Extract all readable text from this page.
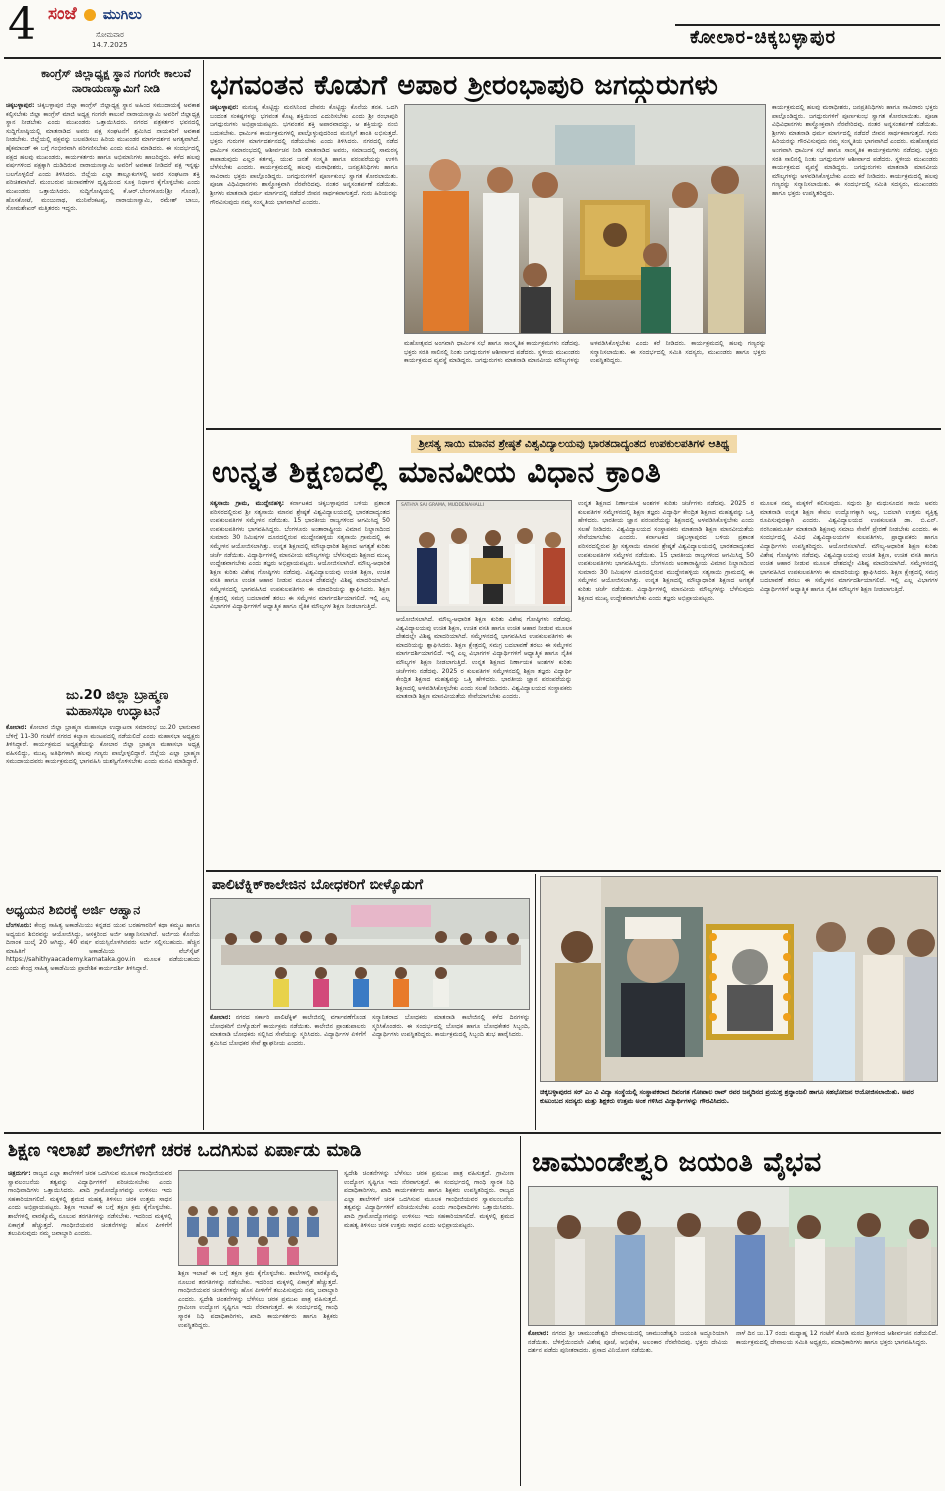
4 ಸಂಜೆ ಮುಗಿಲು
ಸೋಮವಾರ
14.7.2025	ಕೋಲಾರ-ಚಿಕ್ಕಬಳ್ಳಾಪುರ
ಕಾಂಗ್ರೆಸ್ ಜಿಲ್ಲಾಧ್ಯಕ್ಷ ಸ್ಥಾನ ಗಂಗರೇ ಕಾಲುವೆ ನಾರಾಯಣಸ್ವಾಮಿಗೆ ನೀಡಿ
ಚಿಕ್ಕಬಳ್ಳಾಪುರ: ಚಿಕ್ಕಬಳ್ಳಾಪುರ ಜಿಲ್ಲಾ ಕಾಂಗ್ರೆಸ್ ಜಿಲ್ಲಾಧ್ಯಕ್ಷ ಸ್ಥಾನ ಅಹಿಂದ ಸಮುದಾಯಕ್ಕೆ ಅವಕಾಶ ಕಲ್ಪಿಸಬೇಕು ಜಿಲ್ಲಾ ಕಾಂಗ್ರೆಸ್ ಮಾಜಿ ಅಧ್ಯಕ್ಷ ಗಂಗರೇ ಕಾಲುವೆ ನಾರಾಯಣಸ್ವಾಮಿ ಅವರಿಗೆ ಜಿಲ್ಲಾಧ್ಯಕ್ಷ ಸ್ಥಾನ ನೀಡಬೇಕು ಎಂದು ಮುಖಂಡರು ಒತ್ತಾಯಿಸಿದರು. ನಗರದ ಪತ್ರಕರ್ತರ ಭವನದಲ್ಲಿ ಸುದ್ದಿಗೋಷ್ಠಿಯಲ್ಲಿ ಮಾತನಾಡಿದ ಅವರು ಪಕ್ಷ ಸಂಘಟನೆಗೆ ಶ್ರಮಿಸಿದ ನಾಯಕರಿಗೆ ಅವಕಾಶ ನೀಡಬೇಕು. ಜಿಲ್ಲೆಯಲ್ಲಿ ಪಕ್ಷವನ್ನು ಬಲಪಡಿಸಲು ಹಿರಿಯ ಮುಖಂಡರ ಮಾರ್ಗದರ್ಶನ ಅಗತ್ಯವಾಗಿದೆ. ಹೈಕಮಾಂಡ್ ಈ ಬಗ್ಗೆ ಗಂಭೀರವಾಗಿ ಪರಿಗಣಿಸಬೇಕು ಎಂದು ಮನವಿ ಮಾಡಿದರು. ಈ ಸಂದರ್ಭದಲ್ಲಿ ಪಕ್ಷದ ಹಲವು ಮುಖಂಡರು, ಕಾರ್ಯಕರ್ತರು ಹಾಗೂ ಅಭಿಮಾನಿಗಳು ಹಾಜರಿದ್ದರು. ಕಳೆದ ಹಲವು ವರ್ಷಗಳಿಂದ ಪಕ್ಷಕ್ಕಾಗಿ ದುಡಿದಿರುವ ನಾರಾಯಣಸ್ವಾಮಿ ಅವರಿಗೆ ಅವಕಾಶ ನೀಡಿದರೆ ಪಕ್ಷ ಇನ್ನಷ್ಟು ಬಲಗೊಳ್ಳಲಿದೆ ಎಂದು ತಿಳಿಸಿದರು. ಜಿಲ್ಲೆಯ ಎಲ್ಲಾ ತಾಲ್ಲೂಕುಗಳಲ್ಲಿ ಅವರ ಸಂಘಟನಾ ಶಕ್ತಿ ಪರಿಚಿತವಾಗಿದೆ. ಮುಂಬರುವ ಚುನಾವಣೆಗಳ ದೃಷ್ಟಿಯಿಂದ ಸೂಕ್ತ ನಿರ್ಧಾರ ಕೈಗೊಳ್ಳಬೇಕು ಎಂದು ಮುಖಂಡರು ಒತ್ತಾಯಿಸಿದರು. ಸುದ್ದಿಗೋಷ್ಠಿಯಲ್ಲಿ ಕೆ.ಆರ್.ಬೇಂಗಳೂರು(ಶ್ರೀ ಗೊಂಡ), ಹೊಸಕೋಟೆ, ಮಂಜುನಾಥ, ಮುನಿವೆಂಕಟಪ್ಪ, ನಾರಾಯಣಸ್ವಾಮಿ, ರಮೇಶ್ ಬಾಬು, ಸೋಮಶೇಖರ್ ಮತ್ತಿತರರು ಇದ್ದರು.
ಜು.20 ಜಿಲ್ಲಾ ಬ್ರಾಹ್ಮಣ ಮಹಾಸಭಾ ಉದ್ಘಾಟನೆ
ಕೋಲಾರ: ಕೋಲಾರ ಜಿಲ್ಲಾ ಬ್ರಾಹ್ಮಣ ಮಹಾಸಭಾ ಉದ್ಘಾಟನಾ ಸಮಾರಂಭ ಜು.20 ಭಾನುವಾರ ಬೆಳಿಗ್ಗೆ 11-30 ಗಂಟೆಗೆ ನಗರದ ಕಲ್ಯಾಣ ಮಂಟಪದಲ್ಲಿ ನಡೆಯಲಿದೆ ಎಂದು ಮಹಾಸಭಾ ಅಧ್ಯಕ್ಷರು ತಿಳಿಸಿದ್ದಾರೆ. ಕಾರ್ಯಕ್ರಮದ ಅಧ್ಯಕ್ಷತೆಯನ್ನು ಕೋಲಾರ ಜಿಲ್ಲಾ ಬ್ರಾಹ್ಮಣ ಮಹಾಸಭಾ ಅಧ್ಯಕ್ಷ ವಹಿಸಲಿದ್ದು, ಮುಖ್ಯ ಅತಿಥಿಗಳಾಗಿ ಹಲವು ಗಣ್ಯರು ಪಾಲ್ಗೊಳ್ಳಲಿದ್ದಾರೆ. ಜಿಲ್ಲೆಯ ಎಲ್ಲಾ ಬ್ರಾಹ್ಮಣ ಸಮುದಾಯದವರು ಕಾರ್ಯಕ್ರಮದಲ್ಲಿ ಭಾಗವಹಿಸಿ ಯಶಸ್ವಿಗೊಳಿಸಬೇಕು ಎಂದು ಮನವಿ ಮಾಡಿದ್ದಾರೆ.
ಅಧ್ಯಯನ ಶಿಬಿರಕ್ಕೆ ಅರ್ಜಿ ಆಹ್ವಾನ
ಬೆಂಗಳೂರು: ಕೇಂದ್ರ ಸಾಹಿತ್ಯ ಅಕಾಡೆಮಿಯು ಕನ್ನಡದ ಯುವ ಬರಹಗಾರರಿಗೆ ಕಥಾ ಕಮ್ಮಟ ಹಾಗೂ ಅಧ್ಯಯನ ಶಿಬಿರವನ್ನು ಆಯೋಜಿಸಿದ್ದು, ಆಸಕ್ತರಿಂದ ಅರ್ಜಿ ಆಹ್ವಾನಿಸಲಾಗಿದೆ. ಅರ್ಜಿಯ ಕೊನೆಯ ದಿನಾಂಕ ಜುಲೈ 20 ಆಗಿದ್ದು, 40 ವರ್ಷ ವಯಸ್ಸಿನೊಳಗಿನವರು ಅರ್ಜಿ ಸಲ್ಲಿಸಬಹುದು. ಹೆಚ್ಚಿನ ಮಾಹಿತಿಗೆ ಅಕಾಡೆಮಿಯ ವೆಬ್‌ಸೈಟ್ https://sahithyaacademy.karnataka.gov.in ಮೂಲಕ ಪಡೆಯಬಹುದು ಎಂದು ಕೇಂದ್ರ ಸಾಹಿತ್ಯ ಅಕಾಡೆಮಿಯ ಪ್ರಾದೇಶಿಕ ಕಾರ್ಯದರ್ಶಿ ತಿಳಿಸಿದ್ದಾರೆ.
ಭಗವಂತನ ಕೊಡುಗೆ ಅಪಾರ ಶ್ರೀರಂಭಾಪುರಿ ಜಗದ್ಗುರುಗಳು
ಚಿಕ್ಕಬಳ್ಳಾಪುರ: ಮನುಷ್ಯ ಕೊಟ್ಟಿದ್ದು ಮನಸಿನಿಂದ ದೇವರು ಕೊಟ್ಟಿದ್ದು ಕೊನೆಯ ತನಕ. ಒದಗಿ ಬಂದಂತ ಸಂಕಷ್ಟಗಳನ್ನು ಭಗವಂತ ಕೊಟ್ಟ ಶಕ್ತಿಯಿಂದ ಎದುರಿಸಬೇಕು ಎಂದು ಶ್ರೀ ರಂಭಾಪುರಿ ಜಗದ್ಗುರುಗಳು ಅಭಿಪ್ರಾಯಪಟ್ಟರು. ಭಗವಂತನ ಶಕ್ತಿ ಅಪಾರವಾದದ್ದು, ಆ ಶಕ್ತಿಯನ್ನು ನಂಬಿ ಬದುಕಬೇಕು. ಧಾರ್ಮಿಕ ಕಾರ್ಯಕ್ರಮಗಳಲ್ಲಿ ಪಾಲ್ಗೊಳ್ಳುವುದರಿಂದ ಮನಸ್ಸಿಗೆ ಶಾಂತಿ ಲಭಿಸುತ್ತದೆ. ಭಕ್ತರು ಗುರುಗಳ ಮಾರ್ಗದರ್ಶನದಲ್ಲಿ ನಡೆಯಬೇಕು ಎಂದು ತಿಳಿಸಿದರು. ನಗರದಲ್ಲಿ ನಡೆದ ಧಾರ್ಮಿಕ ಸಮಾರಂಭದಲ್ಲಿ ಆಶೀರ್ವಚನ ನೀಡಿ ಮಾತನಾಡಿದ ಅವರು, ಸಮಾಜದಲ್ಲಿ ಸಾಮರಸ್ಯ ಕಾಪಾಡುವುದು ಎಲ್ಲರ ಕರ್ತವ್ಯ. ಯುವ ಜನತೆ ಸಂಸ್ಕೃತಿ ಹಾಗೂ ಪರಂಪರೆಯನ್ನು ಉಳಿಸಿ ಬೆಳೆಸಬೇಕು ಎಂದರು. ಕಾರ್ಯಕ್ರಮದಲ್ಲಿ ಹಲವು ಮಠಾಧೀಶರು, ಜನಪ್ರತಿನಿಧಿಗಳು ಹಾಗೂ ಸಾವಿರಾರು ಭಕ್ತರು ಪಾಲ್ಗೊಂಡಿದ್ದರು. ಜಗದ್ಗುರುಗಳಿಗೆ ಪೂರ್ಣಕುಂಭ ಸ್ವಾಗತ ಕೋರಲಾಯಿತು. ಪೂಜಾ ವಿಧಿವಿಧಾನಗಳು ಶಾಸ್ತ್ರೋಕ್ತವಾಗಿ ನೆರವೇರಿದವು. ನಂತರ ಅನ್ನಸಂತರ್ಪಣೆ ನಡೆಯಿತು. ಶ್ರೀಗಳು ಮಾತನಾಡಿ ಧರ್ಮ ಮಾರ್ಗದಲ್ಲಿ ನಡೆದರೆ ಜೀವನ ಸಾರ್ಥಕವಾಗುತ್ತದೆ. ಗುರು ಹಿರಿಯರನ್ನು ಗೌರವಿಸುವುದು ನಮ್ಮ ಸಂಸ್ಕೃತಿಯ ಭಾಗವಾಗಿದೆ ಎಂದರು.
ಮಹೋತ್ಸವದ ಅಂಗವಾಗಿ ಧಾರ್ಮಿಕ ಸಭೆ ಹಾಗೂ ಸಾಂಸ್ಕೃತಿಕ ಕಾರ್ಯಕ್ರಮಗಳು ನಡೆದವು. ಭಕ್ತರು ಸರತಿ ಸಾಲಿನಲ್ಲಿ ನಿಂತು ಜಗದ್ಗುರುಗಳ ಆಶೀರ್ವಾದ ಪಡೆದರು. ಸ್ಥಳೀಯ ಮುಖಂಡರು ಕಾರ್ಯಕ್ರಮದ ವ್ಯವಸ್ಥೆ ಮಾಡಿದ್ದರು. ಜಗದ್ಗುರುಗಳು ಮಾತನಾಡಿ ಮಾನವೀಯ ಮೌಲ್ಯಗಳನ್ನು ಅಳವಡಿಸಿಕೊಳ್ಳಬೇಕು ಎಂದು ಕರೆ ನೀಡಿದರು. ಕಾರ್ಯಕ್ರಮದಲ್ಲಿ ಹಲವು ಗಣ್ಯರನ್ನು ಸನ್ಮಾನಿಸಲಾಯಿತು. ಈ ಸಂದರ್ಭದಲ್ಲಿ ಸಮಿತಿ ಸದಸ್ಯರು, ಮುಖಂಡರು ಹಾಗೂ ಭಕ್ತರು ಉಪಸ್ಥಿತರಿದ್ದರು.
ಕಾರ್ಯಕ್ರಮದಲ್ಲಿ ಹಲವು ಮಠಾಧೀಶರು, ಜನಪ್ರತಿನಿಧಿಗಳು ಹಾಗೂ ಸಾವಿರಾರು ಭಕ್ತರು ಪಾಲ್ಗೊಂಡಿದ್ದರು. ಜಗದ್ಗುರುಗಳಿಗೆ ಪೂರ್ಣಕುಂಭ ಸ್ವಾಗತ ಕೋರಲಾಯಿತು. ಪೂಜಾ ವಿಧಿವಿಧಾನಗಳು ಶಾಸ್ತ್ರೋಕ್ತವಾಗಿ ನೆರವೇರಿದವು. ನಂತರ ಅನ್ನಸಂತರ್ಪಣೆ ನಡೆಯಿತು. ಶ್ರೀಗಳು ಮಾತನಾಡಿ ಧರ್ಮ ಮಾರ್ಗದಲ್ಲಿ ನಡೆದರೆ ಜೀವನ ಸಾರ್ಥಕವಾಗುತ್ತದೆ. ಗುರು ಹಿರಿಯರನ್ನು ಗೌರವಿಸುವುದು ನಮ್ಮ ಸಂಸ್ಕೃತಿಯ ಭಾಗವಾಗಿದೆ ಎಂದರು. ಮಹೋತ್ಸವದ ಅಂಗವಾಗಿ ಧಾರ್ಮಿಕ ಸಭೆ ಹಾಗೂ ಸಾಂಸ್ಕೃತಿಕ ಕಾರ್ಯಕ್ರಮಗಳು ನಡೆದವು. ಭಕ್ತರು ಸರತಿ ಸಾಲಿನಲ್ಲಿ ನಿಂತು ಜಗದ್ಗುರುಗಳ ಆಶೀರ್ವಾದ ಪಡೆದರು. ಸ್ಥಳೀಯ ಮುಖಂಡರು ಕಾರ್ಯಕ್ರಮದ ವ್ಯವಸ್ಥೆ ಮಾಡಿದ್ದರು. ಜಗದ್ಗುರುಗಳು ಮಾತನಾಡಿ ಮಾನವೀಯ ಮೌಲ್ಯಗಳನ್ನು ಅಳವಡಿಸಿಕೊಳ್ಳಬೇಕು ಎಂದು ಕರೆ ನೀಡಿದರು. ಕಾರ್ಯಕ್ರಮದಲ್ಲಿ ಹಲವು ಗಣ್ಯರನ್ನು ಸನ್ಮಾನಿಸಲಾಯಿತು. ಈ ಸಂದರ್ಭದಲ್ಲಿ ಸಮಿತಿ ಸದಸ್ಯರು, ಮುಖಂಡರು ಹಾಗೂ ಭಕ್ತರು ಉಪಸ್ಥಿತರಿದ್ದರು.
ಶ್ರೀಸತ್ಯ ಸಾಯಿ ಮಾನವ ಶ್ರೇಷ್ಠತೆ ವಿಶ್ವವಿದ್ಯಾಲಯವು ಭಾರತದಾದ್ಯಂತದ ಉಪಕುಲಪತಿಗಳ ಆತಿಥ್ಯ
ಉನ್ನತ ಶಿಕ್ಷಣದಲ್ಲಿ ಮಾನವೀಯ ವಿಧಾನ ಕ್ರಾಂತಿ
ಸತ್ಯಸಾಯಿ ಗ್ರಾಮ, ಮುದ್ದೇನಹಳ್ಳಿ: ಕರ್ನಾಟಕದ ಚಿಕ್ಕಬಳ್ಳಾಪುರದ ಬಳಿಯ ಪ್ರಶಾಂತ ಪರಿಸರದಲ್ಲಿರುವ ಶ್ರೀ ಸತ್ಯಸಾಯಿ ಮಾನವ ಶ್ರೇಷ್ಠತೆ ವಿಶ್ವವಿದ್ಯಾಲಯದಲ್ಲಿ ಭಾರತದಾದ್ಯಂತದ ಉಪಕುಲಪತಿಗಳ ಸಮ್ಮೇಳನ ನಡೆಯಿತು. 15 ಭಾರತೀಯ ರಾಜ್ಯಗಳಿಂದ ಆಗಮಿಸಿದ್ದ 50 ಉಪಕುಲಪತಿಗಳು ಭಾಗವಹಿಸಿದ್ದರು. ಬೆಂಗಳೂರು ಅಂತಾರಾಷ್ಟ್ರೀಯ ವಿಮಾನ ನಿಲ್ದಾಣದಿಂದ ಸುಮಾರು 30 ನಿಮಿಷಗಳ ದೂರದಲ್ಲಿರುವ ಮುದ್ದೇನಹಳ್ಳಿಯ ಸತ್ಯಸಾಯಿ ಗ್ರಾಮದಲ್ಲಿ ಈ ಸಮ್ಮೇಳನ ಆಯೋಜಿಸಲಾಗಿತ್ತು. ಉನ್ನತ ಶಿಕ್ಷಣದಲ್ಲಿ ಮೌಲ್ಯಾಧಾರಿತ ಶಿಕ್ಷಣದ ಅಗತ್ಯತೆ ಕುರಿತು ಚರ್ಚೆ ನಡೆಯಿತು. ವಿದ್ಯಾರ್ಥಿಗಳಲ್ಲಿ ಮಾನವೀಯ ಮೌಲ್ಯಗಳನ್ನು ಬೆಳೆಸುವುದು ಶಿಕ್ಷಣದ ಮುಖ್ಯ ಉದ್ದೇಶವಾಗಬೇಕು ಎಂದು ತಜ್ಞರು ಅಭಿಪ್ರಾಯಪಟ್ಟರು. ಆಯೋಜಿಸಲಾಗಿದೆ. ಮೌಲ್ಯ-ಆಧಾರಿತ ಶಿಕ್ಷಣ ಕುರಿತು ವಿಶೇಷ ಗೋಷ್ಠಿಗಳು ನಡೆದವು. ವಿಶ್ವವಿದ್ಯಾಲಯವು ಉಚಿತ ಶಿಕ್ಷಣ, ಉಚಿತ ವಸತಿ ಹಾಗೂ ಉಚಿತ ಆಹಾರ ನೀಡುವ ಮೂಲಕ ದೇಶದಲ್ಲೇ ವಿಶಿಷ್ಟ ಮಾದರಿಯಾಗಿದೆ. ಸಮ್ಮೇಳನದಲ್ಲಿ ಭಾಗವಹಿಸಿದ ಉಪಕುಲಪತಿಗಳು ಈ ಮಾದರಿಯನ್ನು ಶ್ಲಾಘಿಸಿದರು. ಶಿಕ್ಷಣ ಕ್ಷೇತ್ರದಲ್ಲಿ ಸಮಗ್ರ ಬದಲಾವಣೆ ತರಲು ಈ ಸಮ್ಮೇಳನ ಮಾರ್ಗದರ್ಶಿಯಾಗಲಿದೆ. ಇಲ್ಲಿ ಎಲ್ಲ ವಿಭಾಗಗಳ ವಿದ್ಯಾರ್ಥಿಗಳಿಗೆ ಆಧ್ಯಾತ್ಮಿಕ ಹಾಗೂ ನೈತಿಕ ಮೌಲ್ಯಗಳ ಶಿಕ್ಷಣ ನೀಡಲಾಗುತ್ತಿದೆ.
SATHYA SAI GRAMA, MUDDENAHALLI
ಆಯೋಜಿಸಲಾಗಿದೆ. ಮೌಲ್ಯ-ಆಧಾರಿತ ಶಿಕ್ಷಣ ಕುರಿತು ವಿಶೇಷ ಗೋಷ್ಠಿಗಳು ನಡೆದವು. ವಿಶ್ವವಿದ್ಯಾಲಯವು ಉಚಿತ ಶಿಕ್ಷಣ, ಉಚಿತ ವಸತಿ ಹಾಗೂ ಉಚಿತ ಆಹಾರ ನೀಡುವ ಮೂಲಕ ದೇಶದಲ್ಲೇ ವಿಶಿಷ್ಟ ಮಾದರಿಯಾಗಿದೆ. ಸಮ್ಮೇಳನದಲ್ಲಿ ಭಾಗವಹಿಸಿದ ಉಪಕುಲಪತಿಗಳು ಈ ಮಾದರಿಯನ್ನು ಶ್ಲಾಘಿಸಿದರು. ಶಿಕ್ಷಣ ಕ್ಷೇತ್ರದಲ್ಲಿ ಸಮಗ್ರ ಬದಲಾವಣೆ ತರಲು ಈ ಸಮ್ಮೇಳನ ಮಾರ್ಗದರ್ಶಿಯಾಗಲಿದೆ. ಇಲ್ಲಿ ಎಲ್ಲ ವಿಭಾಗಗಳ ವಿದ್ಯಾರ್ಥಿಗಳಿಗೆ ಆಧ್ಯಾತ್ಮಿಕ ಹಾಗೂ ನೈತಿಕ ಮೌಲ್ಯಗಳ ಶಿಕ್ಷಣ ನೀಡಲಾಗುತ್ತಿದೆ. ಉನ್ನತ ಶಿಕ್ಷಣದ ನಿರ್ಣಾಯಕ ಅಂಶಗಳ ಕುರಿತು ಚರ್ಚೆಗಳು ನಡೆದವು. 2025 ರ ಕುಲಪತಿಗಳ ಸಮ್ಮೇಳನದಲ್ಲಿ ಶಿಕ್ಷಣ ತಜ್ಞರು ವಿದ್ಯಾರ್ಥಿ ಕೇಂದ್ರಿತ ಶಿಕ್ಷಣದ ಮಹತ್ವವನ್ನು ಒತ್ತಿ ಹೇಳಿದರು. ಭಾರತೀಯ ಜ್ಞಾನ ಪರಂಪರೆಯನ್ನು ಶಿಕ್ಷಣದಲ್ಲಿ ಅಳವಡಿಸಿಕೊಳ್ಳಬೇಕು ಎಂದು ಸಲಹೆ ನೀಡಿದರು. ವಿಶ್ವವಿದ್ಯಾಲಯದ ಸಂಸ್ಥಾಪಕರು ಮಾತನಾಡಿ ಶಿಕ್ಷಣ ಮಾನವೀಯತೆಯ ಸೇವೆಯಾಗಬೇಕು ಎಂದರು.
ಉನ್ನತ ಶಿಕ್ಷಣದ ನಿರ್ಣಾಯಕ ಅಂಶಗಳ ಕುರಿತು ಚರ್ಚೆಗಳು ನಡೆದವು. 2025 ರ ಕುಲಪತಿಗಳ ಸಮ್ಮೇಳನದಲ್ಲಿ ಶಿಕ್ಷಣ ತಜ್ಞರು ವಿದ್ಯಾರ್ಥಿ ಕೇಂದ್ರಿತ ಶಿಕ್ಷಣದ ಮಹತ್ವವನ್ನು ಒತ್ತಿ ಹೇಳಿದರು. ಭಾರತೀಯ ಜ್ಞಾನ ಪರಂಪರೆಯನ್ನು ಶಿಕ್ಷಣದಲ್ಲಿ ಅಳವಡಿಸಿಕೊಳ್ಳಬೇಕು ಎಂದು ಸಲಹೆ ನೀಡಿದರು. ವಿಶ್ವವಿದ್ಯಾಲಯದ ಸಂಸ್ಥಾಪಕರು ಮಾತನಾಡಿ ಶಿಕ್ಷಣ ಮಾನವೀಯತೆಯ ಸೇವೆಯಾಗಬೇಕು ಎಂದರು. ಕರ್ನಾಟಕದ ಚಿಕ್ಕಬಳ್ಳಾಪುರದ ಬಳಿಯ ಪ್ರಶಾಂತ ಪರಿಸರದಲ್ಲಿರುವ ಶ್ರೀ ಸತ್ಯಸಾಯಿ ಮಾನವ ಶ್ರೇಷ್ಠತೆ ವಿಶ್ವವಿದ್ಯಾಲಯದಲ್ಲಿ ಭಾರತದಾದ್ಯಂತದ ಉಪಕುಲಪತಿಗಳ ಸಮ್ಮೇಳನ ನಡೆಯಿತು. 15 ಭಾರತೀಯ ರಾಜ್ಯಗಳಿಂದ ಆಗಮಿಸಿದ್ದ 50 ಉಪಕುಲಪತಿಗಳು ಭಾಗವಹಿಸಿದ್ದರು. ಬೆಂಗಳೂರು ಅಂತಾರಾಷ್ಟ್ರೀಯ ವಿಮಾನ ನಿಲ್ದಾಣದಿಂದ ಸುಮಾರು 30 ನಿಮಿಷಗಳ ದೂರದಲ್ಲಿರುವ ಮುದ್ದೇನಹಳ್ಳಿಯ ಸತ್ಯಸಾಯಿ ಗ್ರಾಮದಲ್ಲಿ ಈ ಸಮ್ಮೇಳನ ಆಯೋಜಿಸಲಾಗಿತ್ತು. ಉನ್ನತ ಶಿಕ್ಷಣದಲ್ಲಿ ಮೌಲ್ಯಾಧಾರಿತ ಶಿಕ್ಷಣದ ಅಗತ್ಯತೆ ಕುರಿತು ಚರ್ಚೆ ನಡೆಯಿತು. ವಿದ್ಯಾರ್ಥಿಗಳಲ್ಲಿ ಮಾನವೀಯ ಮೌಲ್ಯಗಳನ್ನು ಬೆಳೆಸುವುದು ಶಿಕ್ಷಣದ ಮುಖ್ಯ ಉದ್ದೇಶವಾಗಬೇಕು ಎಂದು ತಜ್ಞರು ಅಭಿಪ್ರಾಯಪಟ್ಟರು.
ಮೂಲಕ ನಮ್ಮ ಮಕ್ಕಳಿಗೆ ಕಲಿಸುವುದು. ಸದ್ಗುರು ಶ್ರೀ ಮಧುಸೂದನ ಸಾಯಿ ಅವರು ಮಾತನಾಡಿ ಉನ್ನತ ಶಿಕ್ಷಣ ಕೇವಲ ಉದ್ಯೋಗಕ್ಕಾಗಿ ಅಲ್ಲ, ಬದಲಾಗಿ ಉತ್ತಮ ವ್ಯಕ್ತಿತ್ವ ರೂಪಿಸುವುದಕ್ಕಾಗಿ ಎಂದರು. ವಿಶ್ವವಿದ್ಯಾಲಯದ ಉಪಕುಲಪತಿ ಡಾ. ಬಿ.ಎನ್. ನರಸಿಂಹಮೂರ್ತಿ ಮಾತನಾಡಿ ಶಿಕ್ಷಣವು ಸಮಾಜ ಸೇವೆಗೆ ಪ್ರೇರಣೆ ನೀಡಬೇಕು ಎಂದರು. ಈ ಸಂದರ್ಭದಲ್ಲಿ ವಿವಿಧ ವಿಶ್ವವಿದ್ಯಾಲಯಗಳ ಕುಲಪತಿಗಳು, ಪ್ರಾಧ್ಯಾಪಕರು ಹಾಗೂ ವಿದ್ಯಾರ್ಥಿಗಳು ಉಪಸ್ಥಿತರಿದ್ದರು. ಆಯೋಜಿಸಲಾಗಿದೆ. ಮೌಲ್ಯ-ಆಧಾರಿತ ಶಿಕ್ಷಣ ಕುರಿತು ವಿಶೇಷ ಗೋಷ್ಠಿಗಳು ನಡೆದವು. ವಿಶ್ವವಿದ್ಯಾಲಯವು ಉಚಿತ ಶಿಕ್ಷಣ, ಉಚಿತ ವಸತಿ ಹಾಗೂ ಉಚಿತ ಆಹಾರ ನೀಡುವ ಮೂಲಕ ದೇಶದಲ್ಲೇ ವಿಶಿಷ್ಟ ಮಾದರಿಯಾಗಿದೆ. ಸಮ್ಮೇಳನದಲ್ಲಿ ಭಾಗವಹಿಸಿದ ಉಪಕುಲಪತಿಗಳು ಈ ಮಾದರಿಯನ್ನು ಶ್ಲಾಘಿಸಿದರು. ಶಿಕ್ಷಣ ಕ್ಷೇತ್ರದಲ್ಲಿ ಸಮಗ್ರ ಬದಲಾವಣೆ ತರಲು ಈ ಸಮ್ಮೇಳನ ಮಾರ್ಗದರ್ಶಿಯಾಗಲಿದೆ. ಇಲ್ಲಿ ಎಲ್ಲ ವಿಭಾಗಗಳ ವಿದ್ಯಾರ್ಥಿಗಳಿಗೆ ಆಧ್ಯಾತ್ಮಿಕ ಹಾಗೂ ನೈತಿಕ ಮೌಲ್ಯಗಳ ಶಿಕ್ಷಣ ನೀಡಲಾಗುತ್ತಿದೆ.
ಪಾಲಿಟೆಕ್ನಿಕ್‌ಕಾಲೇಜಿನ ಬೋಧಕರಿಗೆ ಬೀಳ್ಕೊಡುಗೆ
ಕೋಲಾರ: ನಗರದ ಸರ್ಕಾರಿ ಪಾಲಿಟೆಕ್ನಿಕ್ ಕಾಲೇಜಿನಲ್ಲಿ ವರ್ಗಾವಣೆಗೊಂಡ ಬೋಧಕರಿಗೆ ಬೀಳ್ಕೊಡುಗೆ ಕಾರ್ಯಕ್ರಮ ನಡೆಯಿತು. ಕಾಲೇಜಿನ ಪ್ರಾಂಶುಪಾಲರು ಮಾತನಾಡಿ ಬೋಧಕರು ಸಲ್ಲಿಸಿದ ಸೇವೆಯನ್ನು ಸ್ಮರಿಸಿದರು. ವಿದ್ಯಾರ್ಥಿಗಳ ಏಳಿಗೆಗೆ ಶ್ರಮಿಸಿದ ಬೋಧಕರ ಸೇವೆ ಶ್ಲಾಘನೀಯ ಎಂದರು.
ಸನ್ಮಾನಿತರಾದ ಬೋಧಕರು ಮಾತನಾಡಿ ಕಾಲೇಜಿನಲ್ಲಿ ಕಳೆದ ದಿನಗಳನ್ನು ಸ್ಮರಿಸಿಕೊಂಡರು. ಈ ಸಂದರ್ಭದಲ್ಲಿ ಬೋಧಕ ಹಾಗೂ ಬೋಧಕೇತರ ಸಿಬ್ಬಂದಿ, ವಿದ್ಯಾರ್ಥಿಗಳು ಉಪಸ್ಥಿತರಿದ್ದರು. ಕಾರ್ಯಕ್ರಮದಲ್ಲಿ ಸಿಬ್ಬಂದಿ ಶುಭ ಹಾರೈಸಿದರು.
ಚಿಕ್ಕಬಳ್ಳಾಪುರದ ಸರ್ ಎಂ ವಿ ವಿದ್ಯಾ ಸಂಸ್ಥೆಯಲ್ಲಿ ಸಂಸ್ಥಾಪಕರಾದ ದಿವಂಗತ ಗೋಪಾಲ ರಾವ್ ರವರ ಜನ್ಮದಿನದ ಪ್ರಯುಕ್ತ ಶ್ರದ್ಧಾಂಜಲಿ ಹಾಗೂ ಸಹಭೋಜನ ಆಯೋಜಿಸಲಾಯಿತು. ಅವರ ಕುಟುಂಬದ ಸದಸ್ಯರು ಮತ್ತು ಶಿಕ್ಷಕರು ಉತ್ತಮ ಅಂಕ ಗಳಿಸಿದ ವಿದ್ಯಾರ್ಥಿಗಳನ್ನು ಗೌರವಿಸಿದರು.
ಶಿಕ್ಷಣ ಇಲಾಖೆ ಶಾಲೆಗಳಿಗೆ ಚರಕ ಒದಗಿಸುವ ಏರ್ಪಾಡು ಮಾಡಿ
ಚಿತ್ರದುರ್ಗ: ರಾಜ್ಯದ ಎಲ್ಲಾ ಶಾಲೆಗಳಿಗೆ ಚರಕ ಒದಗಿಸುವ ಮೂಲಕ ಗಾಂಧೀಜಿಯವರ ಸ್ವಾವಲಂಬನೆಯ ತತ್ವವನ್ನು ವಿದ್ಯಾರ್ಥಿಗಳಿಗೆ ಪರಿಚಯಿಸಬೇಕು ಎಂದು ಗಾಂಧಿವಾದಿಗಳು ಒತ್ತಾಯಿಸಿದರು. ಖಾದಿ ಗ್ರಾಮೋದ್ಯೋಗವನ್ನು ಉಳಿಸಲು ಇದು ಸಹಕಾರಿಯಾಗಲಿದೆ. ಮಕ್ಕಳಲ್ಲಿ ಶ್ರಮದ ಮಹತ್ವ ತಿಳಿಸಲು ಚರಕ ಉತ್ತಮ ಸಾಧನ ಎಂದು ಅಭಿಪ್ರಾಯಪಟ್ಟರು. ಶಿಕ್ಷಣ ಇಲಾಖೆ ಈ ಬಗ್ಗೆ ತಕ್ಷಣ ಕ್ರಮ ಕೈಗೊಳ್ಳಬೇಕು. ಶಾಲೆಗಳಲ್ಲಿ ವಾರಕ್ಕೊಮ್ಮೆ ನೂಲುವ ತರಗತಿಗಳನ್ನು ನಡೆಸಬೇಕು. ಇದರಿಂದ ಮಕ್ಕಳಲ್ಲಿ ಏಕಾಗ್ರತೆ ಹೆಚ್ಚುತ್ತದೆ. ಗಾಂಧೀಜಿಯವರ ಚಿಂತನೆಗಳನ್ನು ಹೊಸ ಪೀಳಿಗೆಗೆ ತಲುಪಿಸುವುದು ನಮ್ಮ ಜವಾಬ್ದಾರಿ ಎಂದರು.
ಶಿಕ್ಷಣ ಇಲಾಖೆ ಈ ಬಗ್ಗೆ ತಕ್ಷಣ ಕ್ರಮ ಕೈಗೊಳ್ಳಬೇಕು. ಶಾಲೆಗಳಲ್ಲಿ ವಾರಕ್ಕೊಮ್ಮೆ ನೂಲುವ ತರಗತಿಗಳನ್ನು ನಡೆಸಬೇಕು. ಇದರಿಂದ ಮಕ್ಕಳಲ್ಲಿ ಏಕಾಗ್ರತೆ ಹೆಚ್ಚುತ್ತದೆ. ಗಾಂಧೀಜಿಯವರ ಚಿಂತನೆಗಳನ್ನು ಹೊಸ ಪೀಳಿಗೆಗೆ ತಲುಪಿಸುವುದು ನಮ್ಮ ಜವಾಬ್ದಾರಿ ಎಂದರು. ಸ್ವದೇಶಿ ಚಿಂತನೆಗಳನ್ನು ಬೆಳೆಸಲು ಚರಕ ಪ್ರಮುಖ ಪಾತ್ರ ವಹಿಸುತ್ತದೆ. ಗ್ರಾಮೀಣ ಉದ್ಯೋಗ ಸೃಷ್ಟಿಗೂ ಇದು ನೆರವಾಗುತ್ತದೆ. ಈ ಸಂದರ್ಭದಲ್ಲಿ ಗಾಂಧಿ ಸ್ಮಾರಕ ನಿಧಿ ಪದಾಧಿಕಾರಿಗಳು, ಖಾದಿ ಕಾರ್ಯಕರ್ತರು ಹಾಗೂ ಶಿಕ್ಷಕರು ಉಪಸ್ಥಿತರಿದ್ದರು.
ಸ್ವದೇಶಿ ಚಿಂತನೆಗಳನ್ನು ಬೆಳೆಸಲು ಚರಕ ಪ್ರಮುಖ ಪಾತ್ರ ವಹಿಸುತ್ತದೆ. ಗ್ರಾಮೀಣ ಉದ್ಯೋಗ ಸೃಷ್ಟಿಗೂ ಇದು ನೆರವಾಗುತ್ತದೆ. ಈ ಸಂದರ್ಭದಲ್ಲಿ ಗಾಂಧಿ ಸ್ಮಾರಕ ನಿಧಿ ಪದಾಧಿಕಾರಿಗಳು, ಖಾದಿ ಕಾರ್ಯಕರ್ತರು ಹಾಗೂ ಶಿಕ್ಷಕರು ಉಪಸ್ಥಿತರಿದ್ದರು. ರಾಜ್ಯದ ಎಲ್ಲಾ ಶಾಲೆಗಳಿಗೆ ಚರಕ ಒದಗಿಸುವ ಮೂಲಕ ಗಾಂಧೀಜಿಯವರ ಸ್ವಾವಲಂಬನೆಯ ತತ್ವವನ್ನು ವಿದ್ಯಾರ್ಥಿಗಳಿಗೆ ಪರಿಚಯಿಸಬೇಕು ಎಂದು ಗಾಂಧಿವಾದಿಗಳು ಒತ್ತಾಯಿಸಿದರು. ಖಾದಿ ಗ್ರಾಮೋದ್ಯೋಗವನ್ನು ಉಳಿಸಲು ಇದು ಸಹಕಾರಿಯಾಗಲಿದೆ. ಮಕ್ಕಳಲ್ಲಿ ಶ್ರಮದ ಮಹತ್ವ ತಿಳಿಸಲು ಚರಕ ಉತ್ತಮ ಸಾಧನ ಎಂದು ಅಭಿಪ್ರಾಯಪಟ್ಟರು.
ಚಾಮುಂಡೇಶ್ವರಿ ಜಯಂತಿ ವೈಭವ
ಕೋಲಾರ: ನಗರದ ಶ್ರೀ ಚಾಮುಂಡೇಶ್ವರಿ ದೇವಾಲಯದಲ್ಲಿ ಚಾಮುಂಡೇಶ್ವರಿ ಜಯಂತಿ ಅದ್ದೂರಿಯಾಗಿ ನಡೆಯಿತು. ಬೆಳಿಗ್ಗೆಯಿಂದಲೇ ವಿಶೇಷ ಪೂಜೆ, ಅಭಿಷೇಕ, ಅಲಂಕಾರ ನೆರವೇರಿದವು. ಭಕ್ತರು ದೇವಿಯ ದರ್ಶನ ಪಡೆದು ಪುನೀತರಾದರು. ಪ್ರಸಾದ ವಿನಿಯೋಗ ನಡೆಯಿತು.
ನಾಳೆ ದಿನ ಜು.17 ರಂದು ಮಧ್ಯಾಹ್ನ 12 ಗಂಟೆಗೆ ಕೋಡಿ ಮಠದ ಶ್ರೀಗಳಿಂದ ಆಶೀರ್ವಚನ ನಡೆಯಲಿದೆ. ಕಾರ್ಯಕ್ರಮದಲ್ಲಿ ದೇವಾಲಯ ಸಮಿತಿ ಅಧ್ಯಕ್ಷರು, ಪದಾಧಿಕಾರಿಗಳು ಹಾಗೂ ಭಕ್ತರು ಭಾಗವಹಿಸಿದ್ದರು.
